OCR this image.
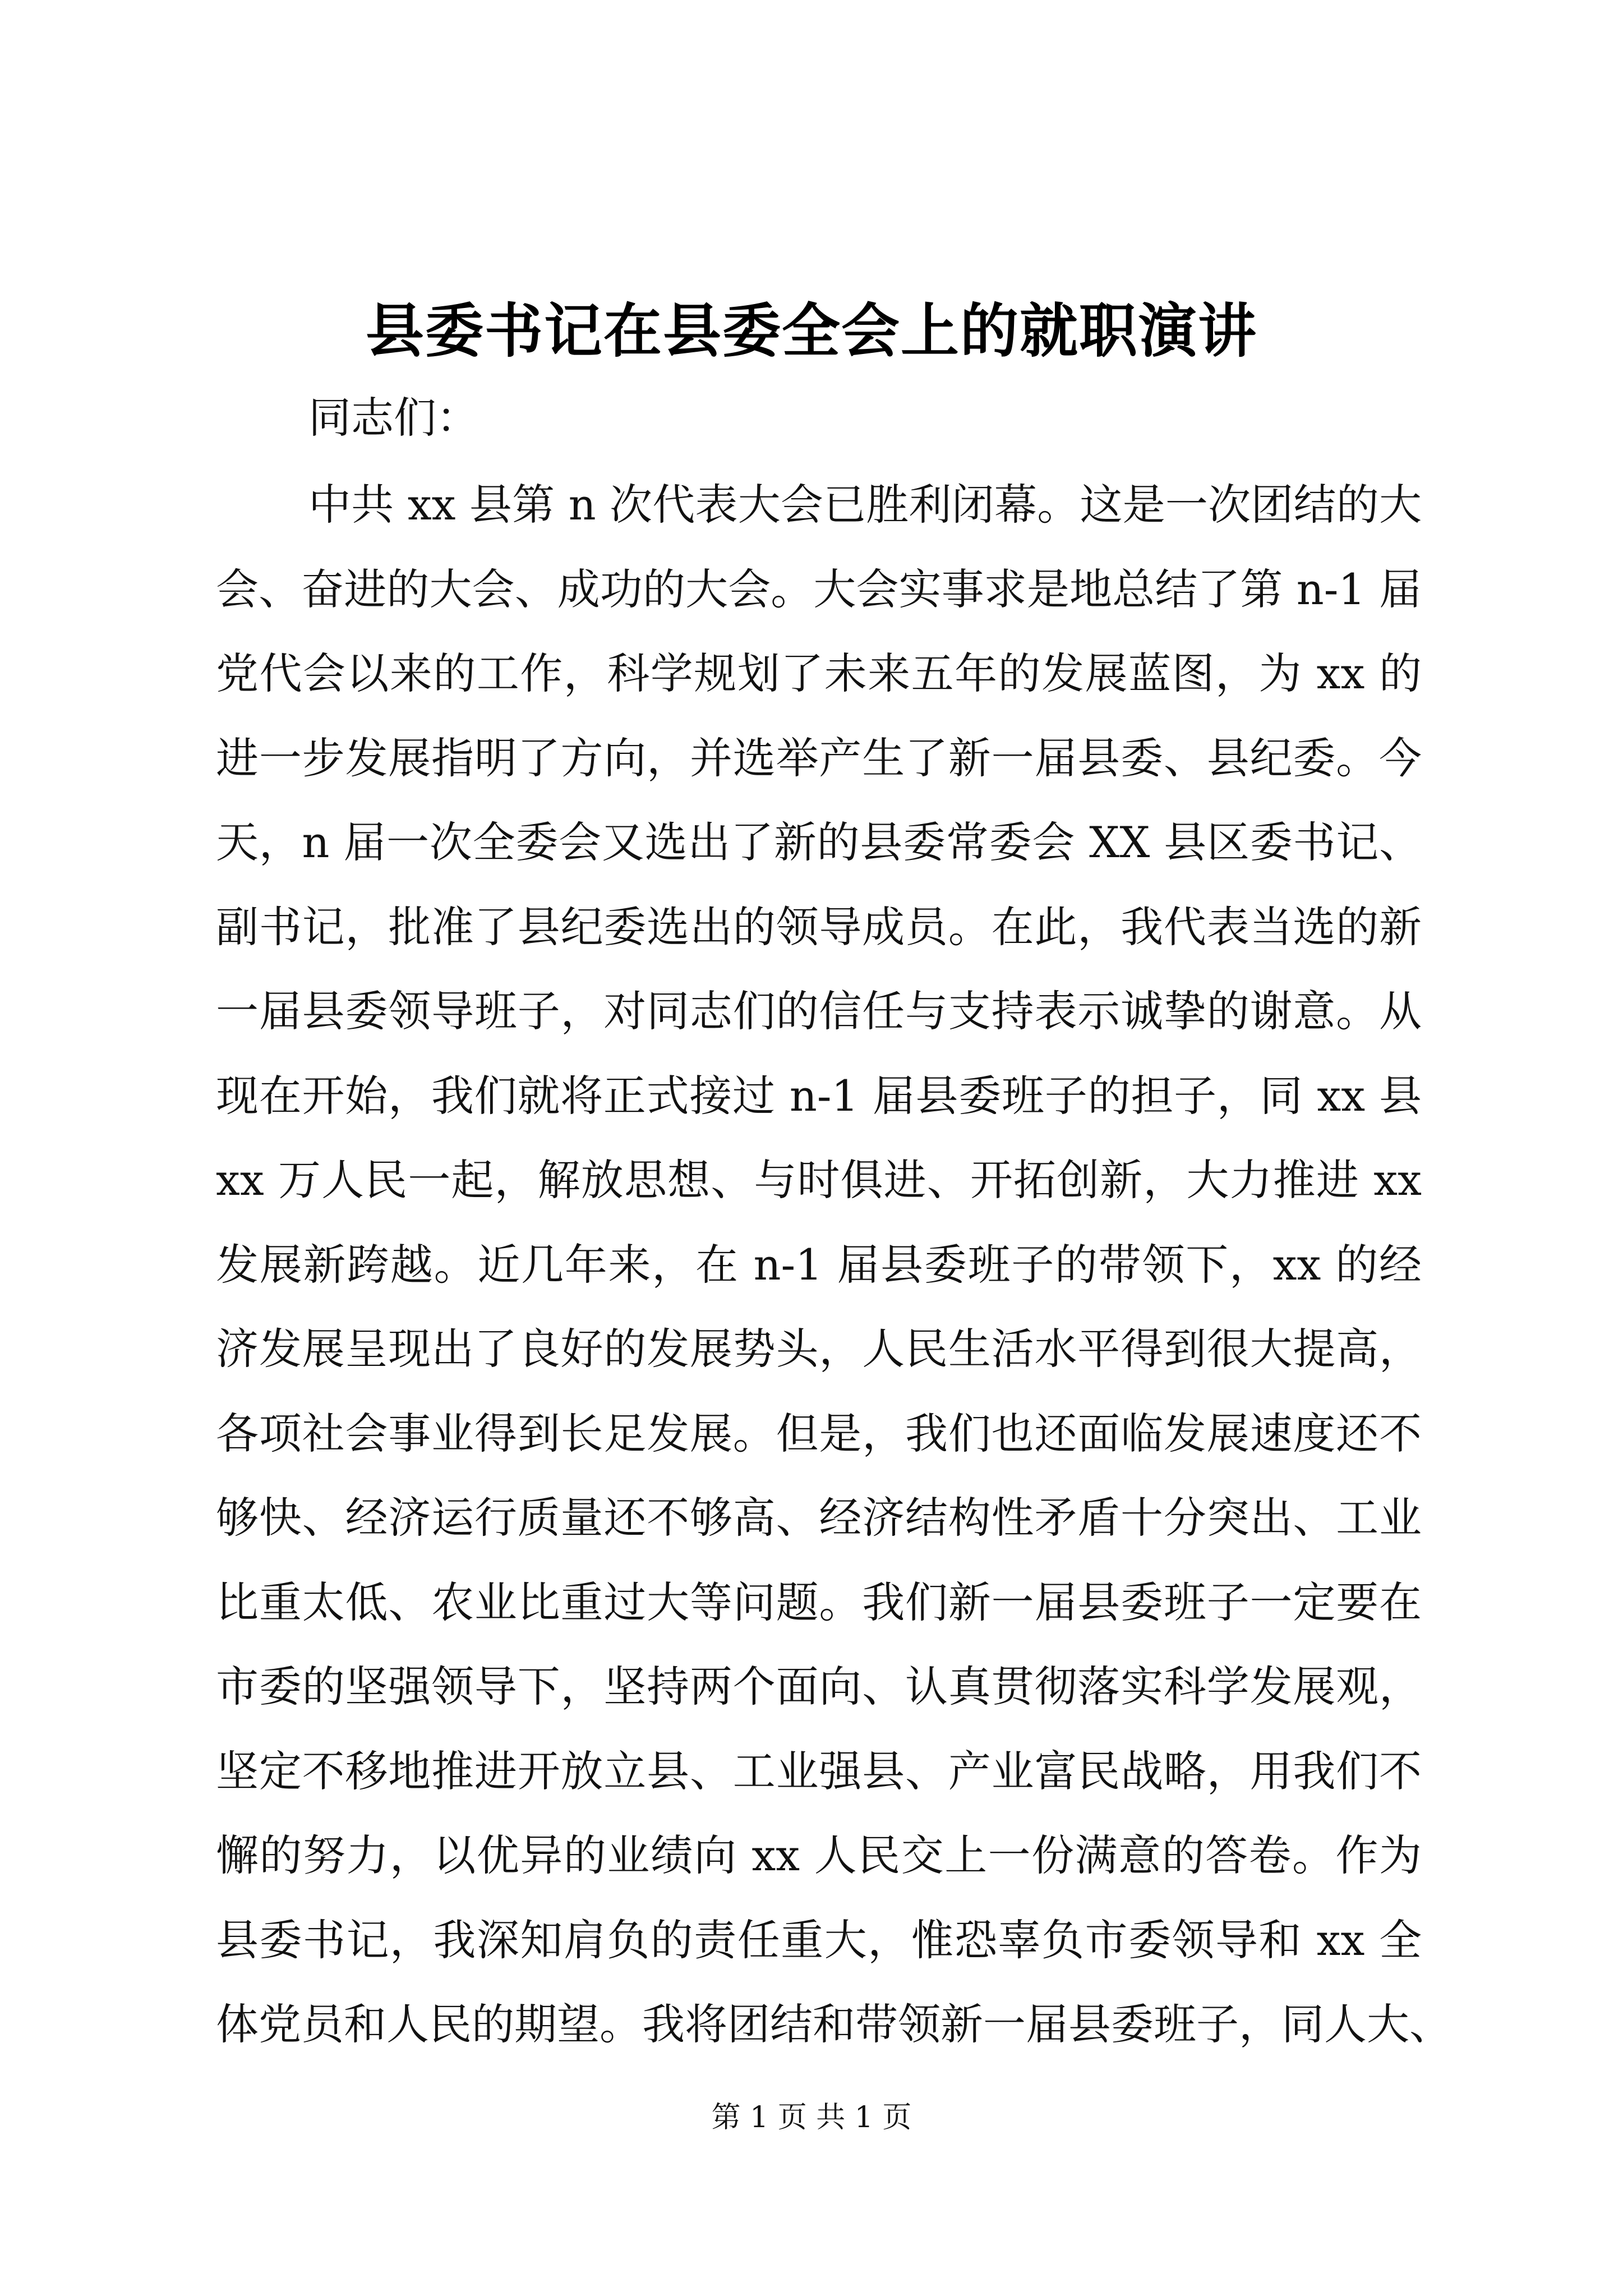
县委书记在县委全会上的就职演讲
同志们：
中共 xx 县第 n 次代表大会已胜利闭幕。这是一次团结的大
会、奋进的大会、成功的大会。大会实事求是地总结了第 n-1 届
党代会以来的工作，科学规划了未来五年的发展蓝图，为 xx 的
进一步发展指明了方向，并选举产生了新一届县委、县纪委。今
天，n 届一次全委会又选出了新的县委常委会 XX 县区委书记、
副书记，批准了县纪委选出的领导成员。在此，我代表当选的新
一届县委领导班子，对同志们的信任与支持表示诚挚的谢意。从
现在开始，我们就将正式接过 n-1 届县委班子的担子，同 xx 县
xx 万人民一起，解放思想、与时俱进、开拓创新，大力推进 xx
发展新跨越。近几年来，在 n-1 届县委班子的带领下，xx 的经
济发展呈现出了良好的发展势头，人民生活水平得到很大提高，
各项社会事业得到长足发展。但是，我们也还面临发展速度还不
够快、经济运行质量还不够高、经济结构性矛盾十分突出、工业
比重太低、农业比重过大等问题。我们新一届县委班子一定要在
市委的坚强领导下，坚持两个面向、认真贯彻落实科学发展观，
坚定不移地推进开放立县、工业强县、产业富民战略，用我们不
懈的努力，以优异的业绩向 xx 人民交上一份满意的答卷。作为
县委书记，我深知肩负的责任重大，惟恐辜负市委领导和 xx 全
体党员和人民的期望。我将团结和带领新一届县委班子，同人大、
第 1 页 共 1 页
